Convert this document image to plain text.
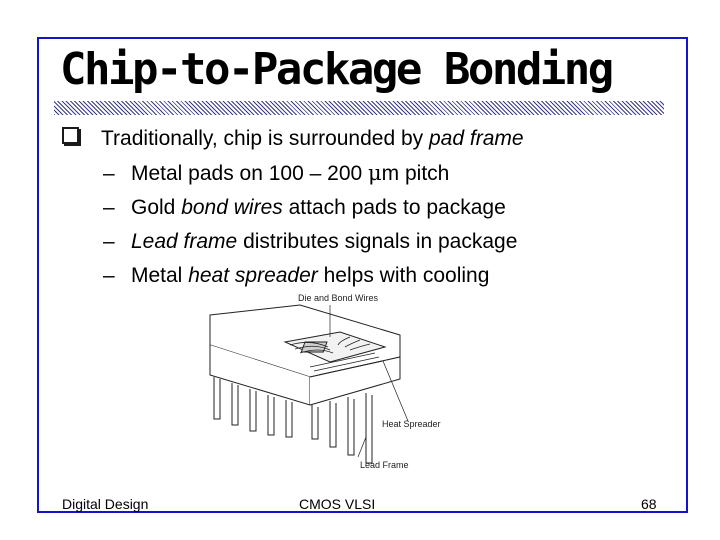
Chip-to-Package Bonding
Traditionally, chip is surrounded by pad frame
– Metal pads on 100 – 200 μm pitch
– Gold bond wires attach pads to package
– Lead frame distributes signals in package
– Metal heat spreader helps with cooling
Die and Bond Wires
Heat Spreader
Lead Frame
Digital Design	CMOS VLSI	68
